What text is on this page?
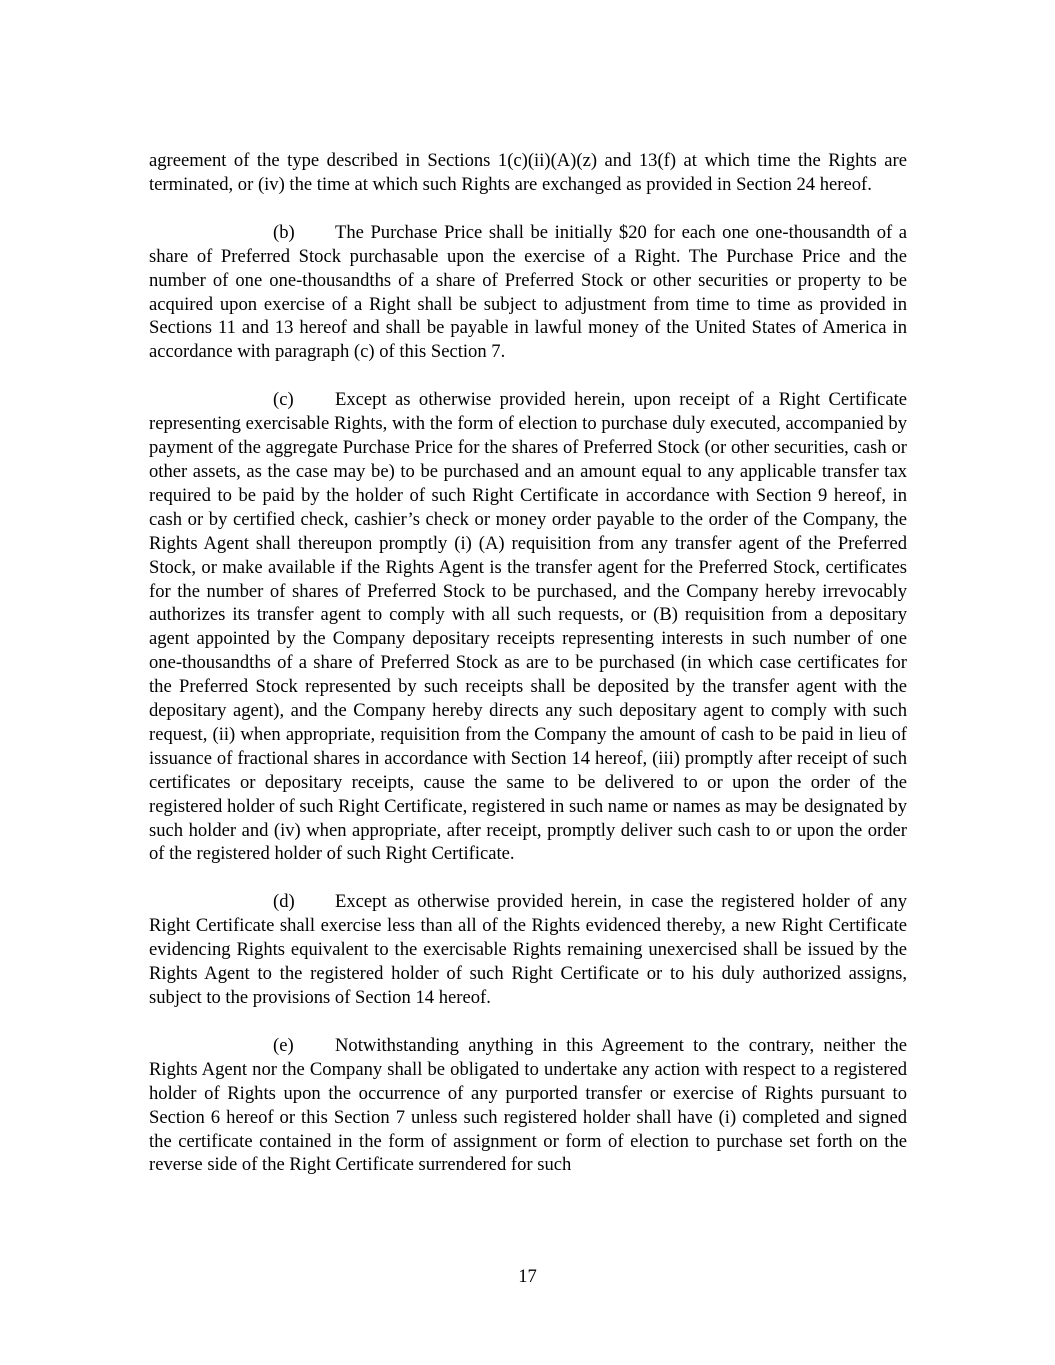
agreement of the type described in Sections 1(c)(ii)(A)(z) and 13(f) at which time the Rights are terminated, or (iv) the time at which such Rights are exchanged as provided in Section 24 hereof.

(b) The Purchase Price shall be initially $20 for each one one-thousandth of a share of Preferred Stock purchasable upon the exercise of a Right. The Purchase Price and the number of one one-thousandths of a share of Preferred Stock or other securities or property to be acquired upon exercise of a Right shall be subject to adjustment from time to time as provided in Sections 11 and 13 hereof and shall be payable in lawful money of the United States of America in accordance with paragraph (c) of this Section 7.

(c) Except as otherwise provided herein, upon receipt of a Right Certificate representing exercisable Rights, with the form of election to purchase duly executed, accompanied by payment of the aggregate Purchase Price for the shares of Preferred Stock (or other securities, cash or other assets, as the case may be) to be purchased and an amount equal to any applicable transfer tax required to be paid by the holder of such Right Certificate in accordance with Section 9 hereof, in cash or by certified check, cashier’s check or money order payable to the order of the Company, the Rights Agent shall thereupon promptly (i) (A) requisition from any transfer agent of the Preferred Stock, or make available if the Rights Agent is the transfer agent for the Preferred Stock, certificates for the number of shares of Preferred Stock to be purchased, and the Company hereby irrevocably authorizes its transfer agent to comply with all such requests, or (B) requisition from a depositary agent appointed by the Company depositary receipts representing interests in such number of one one-thousandths of a share of Preferred Stock as are to be purchased (in which case certificates for the Preferred Stock represented by such receipts shall be deposited by the transfer agent with the depositary agent), and the Company hereby directs any such depositary agent to comply with such request, (ii) when appropriate, requisition from the Company the amount of cash to be paid in lieu of issuance of fractional shares in accordance with Section 14 hereof, (iii) promptly after receipt of such certificates or depositary receipts, cause the same to be delivered to or upon the order of the registered holder of such Right Certificate, registered in such name or names as may be designated by such holder and (iv) when appropriate, after receipt, promptly deliver such cash to or upon the order of the registered holder of such Right Certificate.

(d) Except as otherwise provided herein, in case the registered holder of any Right Certificate shall exercise less than all of the Rights evidenced thereby, a new Right Certificate evidencing Rights equivalent to the exercisable Rights remaining unexercised shall be issued by the Rights Agent to the registered holder of such Right Certificate or to his duly authorized assigns, subject to the provisions of Section 14 hereof.

(e) Notwithstanding anything in this Agreement to the contrary, neither the Rights Agent nor the Company shall be obligated to undertake any action with respect to a registered holder of Rights upon the occurrence of any purported transfer or exercise of Rights pursuant to Section 6 hereof or this Section 7 unless such registered holder shall have (i) completed and signed the certificate contained in the form of assignment or form of election to purchase set forth on the reverse side of the Right Certificate surrendered for such

17
